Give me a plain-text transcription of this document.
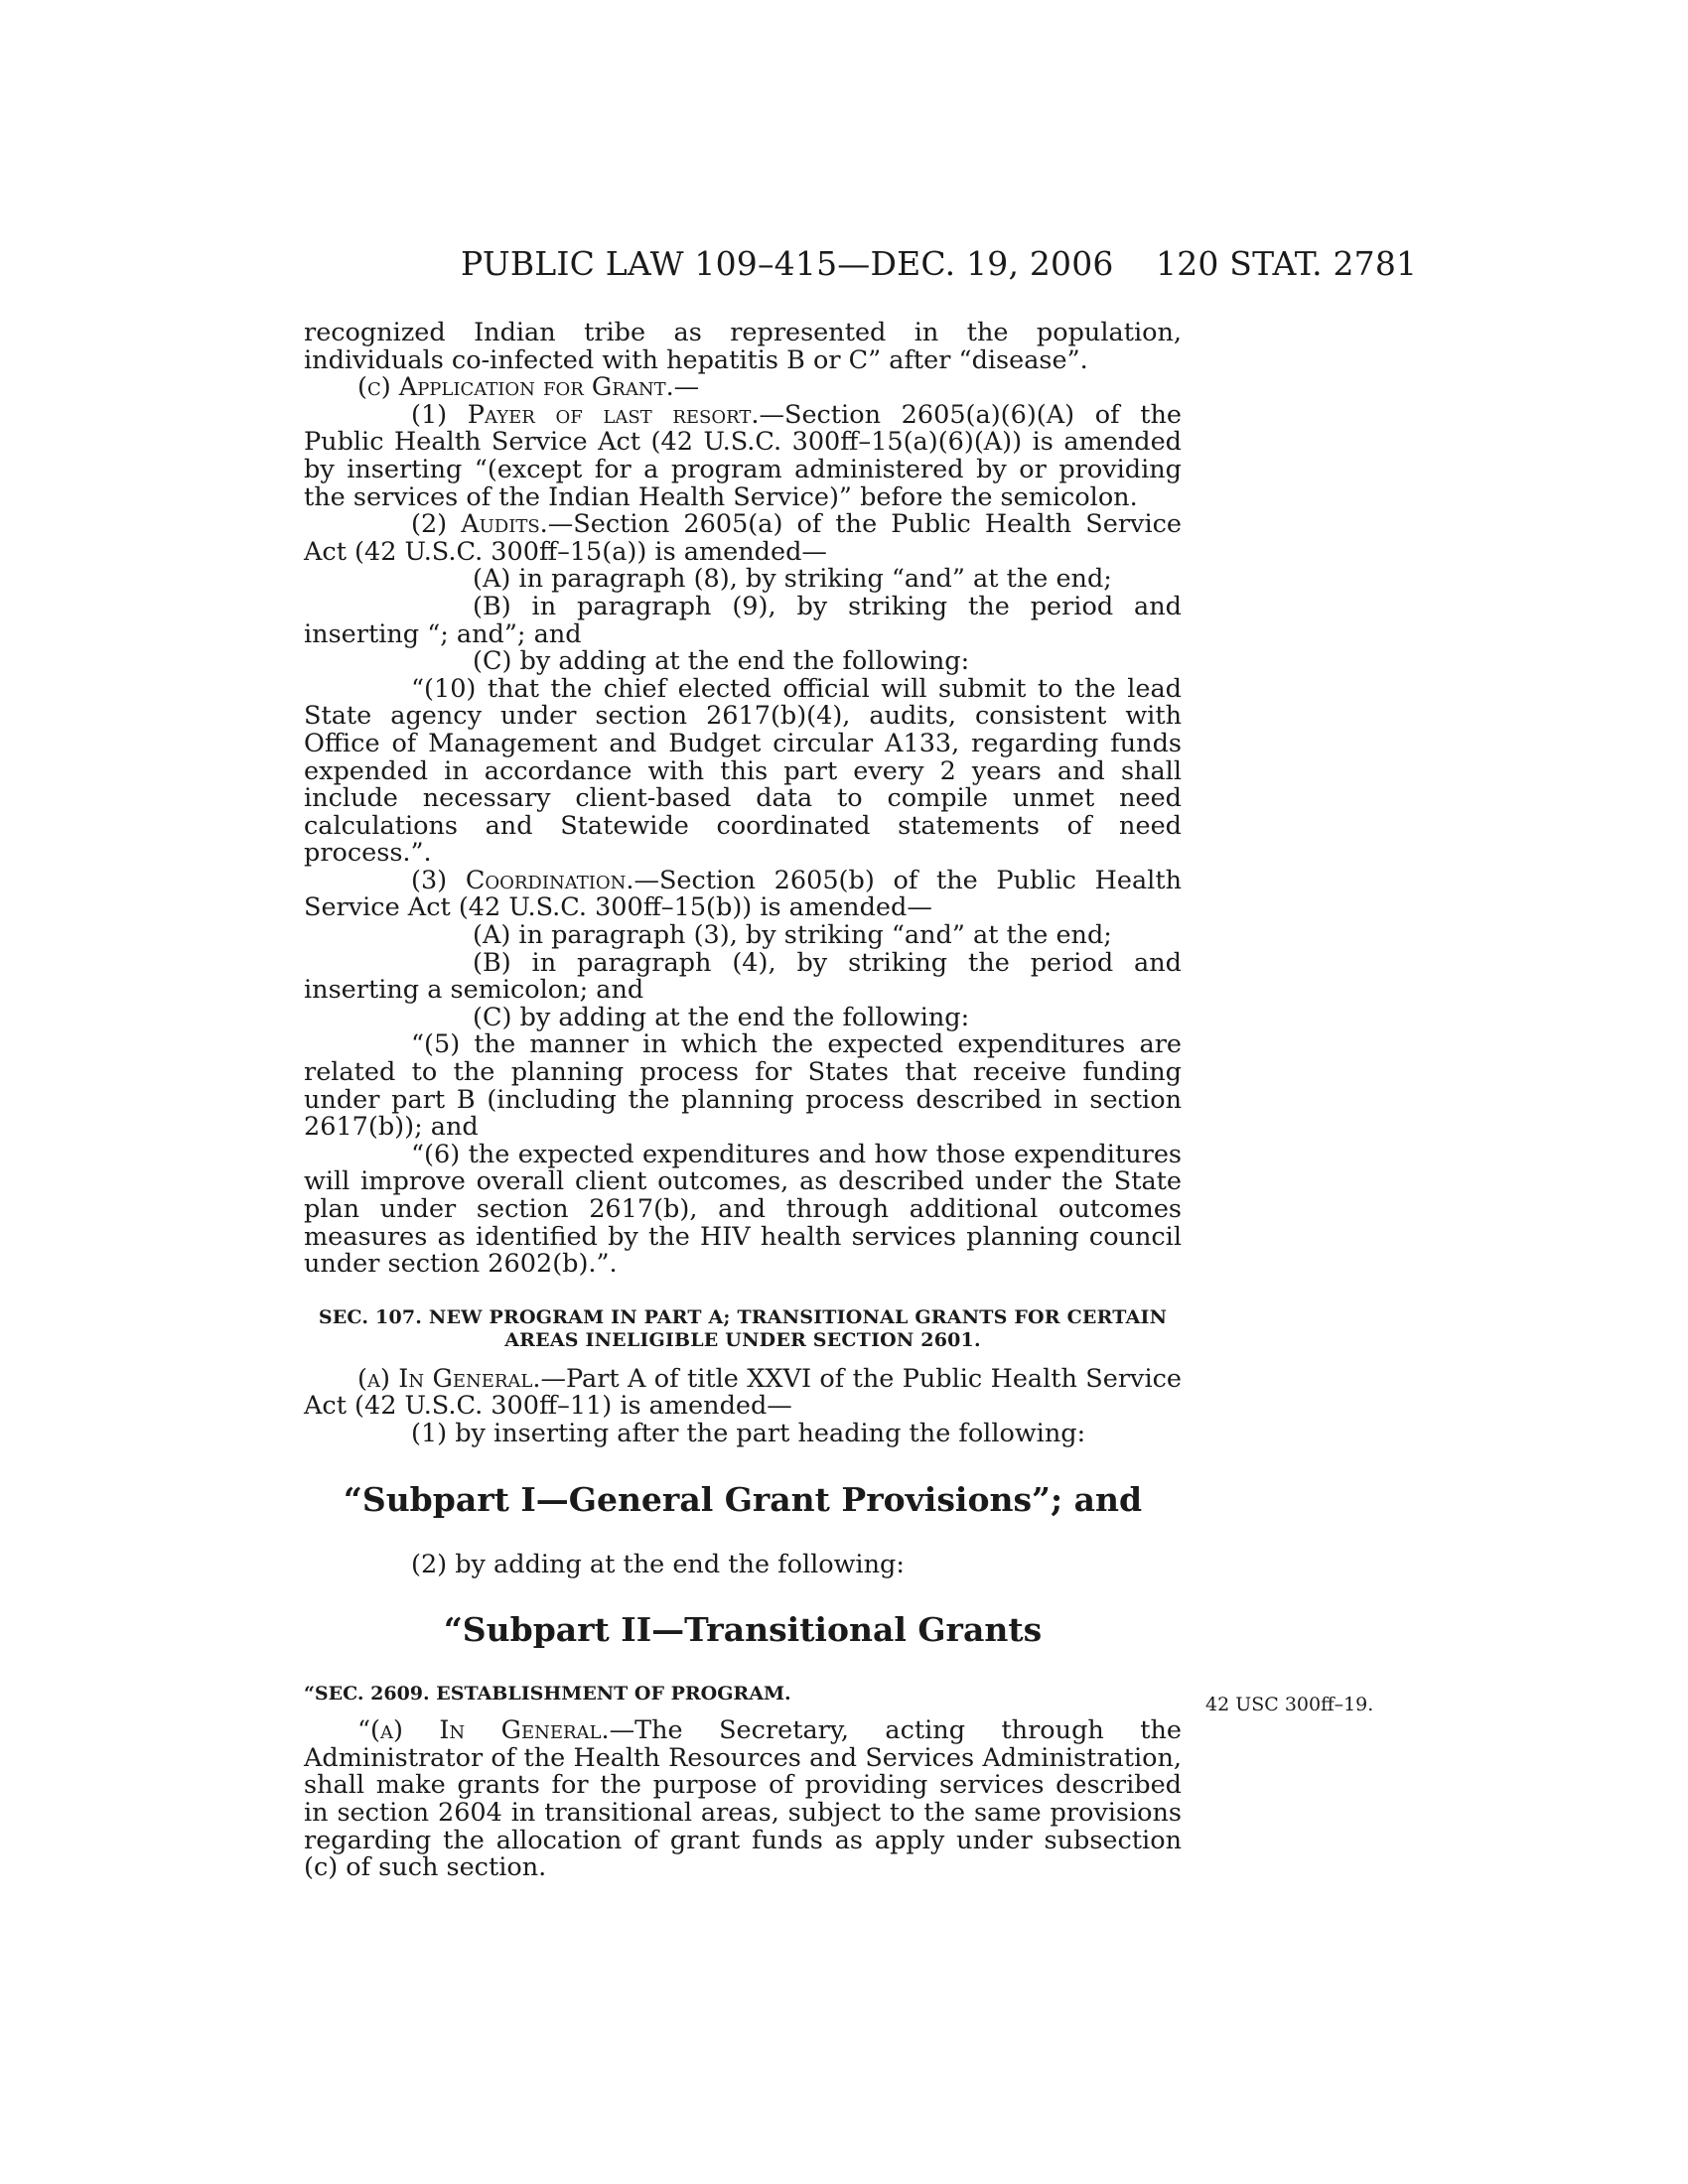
PUBLIC LAW 109–415—DEC. 19, 2006 120 STAT. 2781

recognized Indian tribe as represented in the population, individuals co-infected with hepatitis B or C” after “disease”.

(c) Application for Grant.—

(1) Payer of last resort.—Section 2605(a)(6)(A) of the Public Health Service Act (42 U.S.C. 300ff–15(a)(6)(A)) is amended by inserting “(except for a program administered by or providing the services of the Indian Health Service)” before the semicolon.

(2) Audits.—Section 2605(a) of the Public Health Service Act (42 U.S.C. 300ff–15(a)) is amended—

(A) in paragraph (8), by striking “and” at the end;

(B) in paragraph (9), by striking the period and inserting “; and”; and

(C) by adding at the end the following:

“(10) that the chief elected official will submit to the lead State agency under section 2617(b)(4), audits, consistent with Office of Management and Budget circular A133, regarding funds expended in accordance with this part every 2 years and shall include necessary client-based data to compile unmet need calculations and Statewide coordinated statements of need process.”.

(3) Coordination.—Section 2605(b) of the Public Health Service Act (42 U.S.C. 300ff–15(b)) is amended—

(A) in paragraph (3), by striking “and” at the end;

(B) in paragraph (4), by striking the period and inserting a semicolon; and

(C) by adding at the end the following:

“(5) the manner in which the expected expenditures are related to the planning process for States that receive funding under part B (including the planning process described in section 2617(b)); and

“(6) the expected expenditures and how those expenditures will improve overall client outcomes, as described under the State plan under section 2617(b), and through additional outcomes measures as identified by the HIV health services planning council under section 2602(b).”.

SEC. 107. NEW PROGRAM IN PART A; TRANSITIONAL GRANTS FOR CERTAIN AREAS INELIGIBLE UNDER SECTION 2601.

(a) In General.—Part A of title XXVI of the Public Health Service Act (42 U.S.C. 300ff–11) is amended—

(1) by inserting after the part heading the following:

“Subpart I—General Grant Provisions”; and

(2) by adding at the end the following:

“Subpart II—Transitional Grants

“SEC. 2609. ESTABLISHMENT OF PROGRAM.

“(a) In General.—The Secretary, acting through the Administrator of the Health Resources and Services Administration, shall make grants for the purpose of providing services described in section 2604 in transitional areas, subject to the same provisions regarding the allocation of grant funds as apply under subsection (c) of such section.

42 USC 300ff–19.
